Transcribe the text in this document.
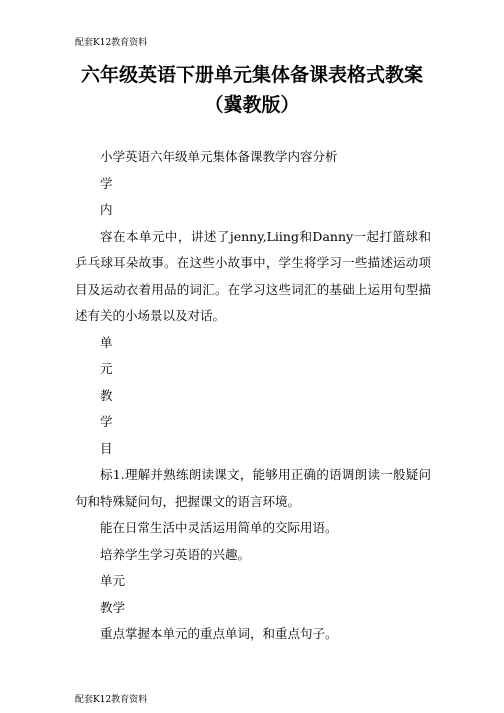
配套K12教育资料
六年级英语下册单元集体备课表格式教案
（冀教版）

小学英语六年级单元集体备课教学内容分析

学

内

容在本单元中，讲述了jenny,Liing和Danny一起打篮球和乒乓球耳朵故事。在这些小故事中，学生将学习一些描述运动项目及运动衣着用品的词汇。在学习这些词汇的基础上运用句型描述有关的小场景以及对话。

单

元

教

学

目

标1.理解并熟练朗读课文，能够用正确的语调朗读一般疑问句和特殊疑问句，把握课文的语言环境。

能在日常生活中灵活运用简单的交际用语。

培养学生学习英语的兴趣。

单元

教学

重点掌握本单元的重点单词，和重点句子。

配套K12教育资料
